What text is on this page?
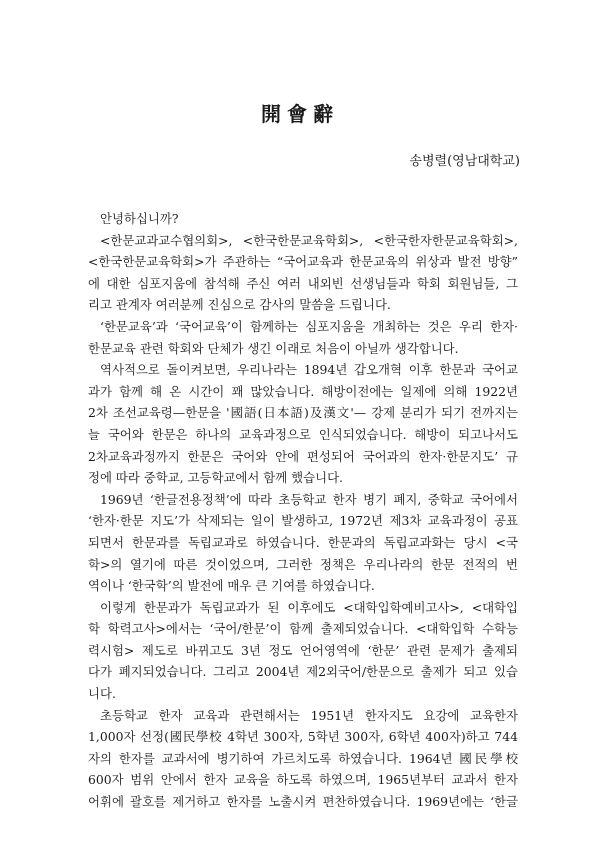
開會辭
송병렬(영남대학교)
안녕하십니까?
<한문교과교수협의회>, <한국한문교육학회>, <한국한자한문교육학회>,
<한국한문교육학회>가 주관하는 “국어교육과 한문교육의 위상과 발전 방향”
에 대한 심포지움에 참석해 주신 여러 내외빈 선생님들과 학회 회원님들, 그
리고 관계자 여러분께 진심으로 감사의 말씀을 드립니다.
‘한문교육’과 ‘국어교육’이 함께하는 심포지움을 개최하는 것은 우리 한자·
한문교육 관련 학회와 단체가 생긴 이래로 처음이 아닐까 생각합니다.
역사적으로 돌이켜보면, 우리나라는 1894년 갑오개혁 이후 한문과 국어교
과가 함께 해 온 시간이 꽤 많았습니다. 해방이전에는 일제에 의해 1922년
2차 조선교육령—한문을 '國語(日本語)及漢文'— 강제 분리가 되기 전까지는
늘 국어와 한문은 하나의 교육과정으로 인식되었습니다. 해방이 되고나서도
2차교육과정까지 한문은 국어와 안에 편성되어 국어과의 한자·한문지도’ 규
정에 따라 중학교, 고등학교에서 함께 했습니다.
1969년 ‘한글전용정책’에 따라 초등학교 한자 병기 폐지, 중학교 국어에서
‘한자·한문 지도’가 삭제되는 일이 발생하고, 1972년 제3차 교육과정이 공표
되면서 한문과를 독립교과로 하였습니다. 한문과의 독립교과화는 당시 <국
학>의 열기에 따른 것이었으며, 그러한 정책은 우리나라의 한문 전적의 번
역이나 ‘한국학’의 발전에 매우 큰 기여를 하였습니다.
이렇게 한문과가 독립교과가 된 이후에도 <대학입학예비고사>, <대학입
학 학력고사>에서는 ‘국어/한문’이 함께 출제되었습니다. <대학입학 수학능
력시험> 제도로 바뀌고도 3년 정도 언어영역에 ‘한문’ 관련 문제가 출제되
다가 폐지되었습니다. 그리고 2004년 제2외국어/한문으로 출제가 되고 있습
니다.
초등학교 한자 교육과 관련해서는 1951년 한자지도 요강에 교육한자
1,000자 선정(國民學校 4학년 300자, 5학년 300자, 6학년 400자)하고 744
자의 한자를 교과서에 병기하여 가르치도록 하였습니다. 1964년 國民學校
600자 범위 안에서 한자 교육을 하도록 하였으며, 1965년부터 교과서 한자
어휘에 괄호를 제거하고 한자를 노출시켜 편찬하였습니다. 1969년에는 ‘한글
